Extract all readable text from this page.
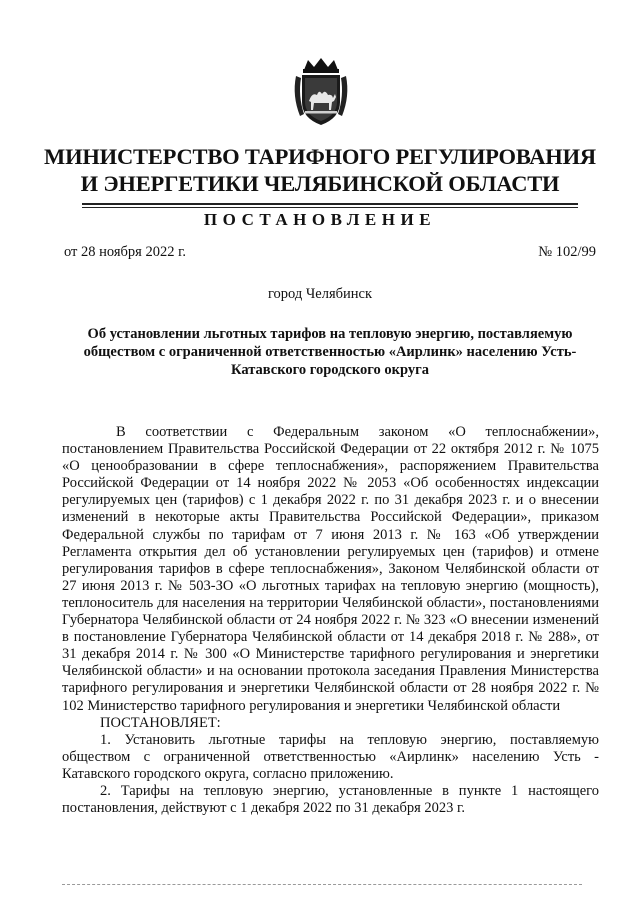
МИНИСТЕРСТВО ТАРИФНОГО РЕГУЛИРОВАНИЯ И ЭНЕРГЕТИКИ ЧЕЛЯБИНСКОЙ ОБЛАСТИ
ПОСТАНОВЛЕНИЕ
от 28 ноября 2022 г.	№ 102/99
город Челябинск
Об установлении льготных тарифов на тепловую энергию, поставляемую обществом с ограниченной ответственностью «Аирлинк» населению Усть-Катавского городского округа

В соответствии с Федеральным законом «О теплоснабжении», постановлением Правительства Российской Федерации от 22 октября 2012 г. № 1075 «О ценообразовании в сфере теплоснабжения», распоряжением Правительства Российской Федерации от 14 ноября 2022 № 2053 «Об особенностях индексации регулируемых цен (тарифов) с 1 декабря 2022 г. по 31 декабря 2023 г. и о внесении изменений в некоторые акты Правительства Российской Федерации», приказом Федеральной службы по тарифам от 7 июня 2013 г. № 163 «Об утверждении Регламента открытия дел об установлении регулируемых цен (тарифов) и отмене регулирования тарифов в сфере теплоснабжения», Законом Челябинской области от 27 июня 2013 г. № 503-ЗО «О льготных тарифах на тепловую энергию (мощность), теплоноситель для населения на территории Челябинской области», постановлениями Губернатора Челябинской области от 24 ноября 2022 г. № 323 «О внесении изменений в постановление Губернатора Челябинской области от 14 декабря 2018 г. № 288», от 31 декабря 2014 г. № 300 «О Министерстве тарифного регулирования и энергетики Челябинской области» и на основании протокола заседания Правления Министерства тарифного регулирования и энергетики Челябинской области от 28 ноября 2022 г. № 102 Министерство тарифного регулирования и энергетики Челябинской области

ПОСТАНОВЛЯЕТ:

1. Установить льготные тарифы на тепловую энергию, поставляемую обществом с ограниченной ответственностью «Аирлинк» населению Усть - Катавского городского округа, согласно приложению.

2. Тарифы на тепловую энергию, установленные в пункте 1 настоящего постановления, действуют с 1 декабря 2022 по 31 декабря 2023 г.
